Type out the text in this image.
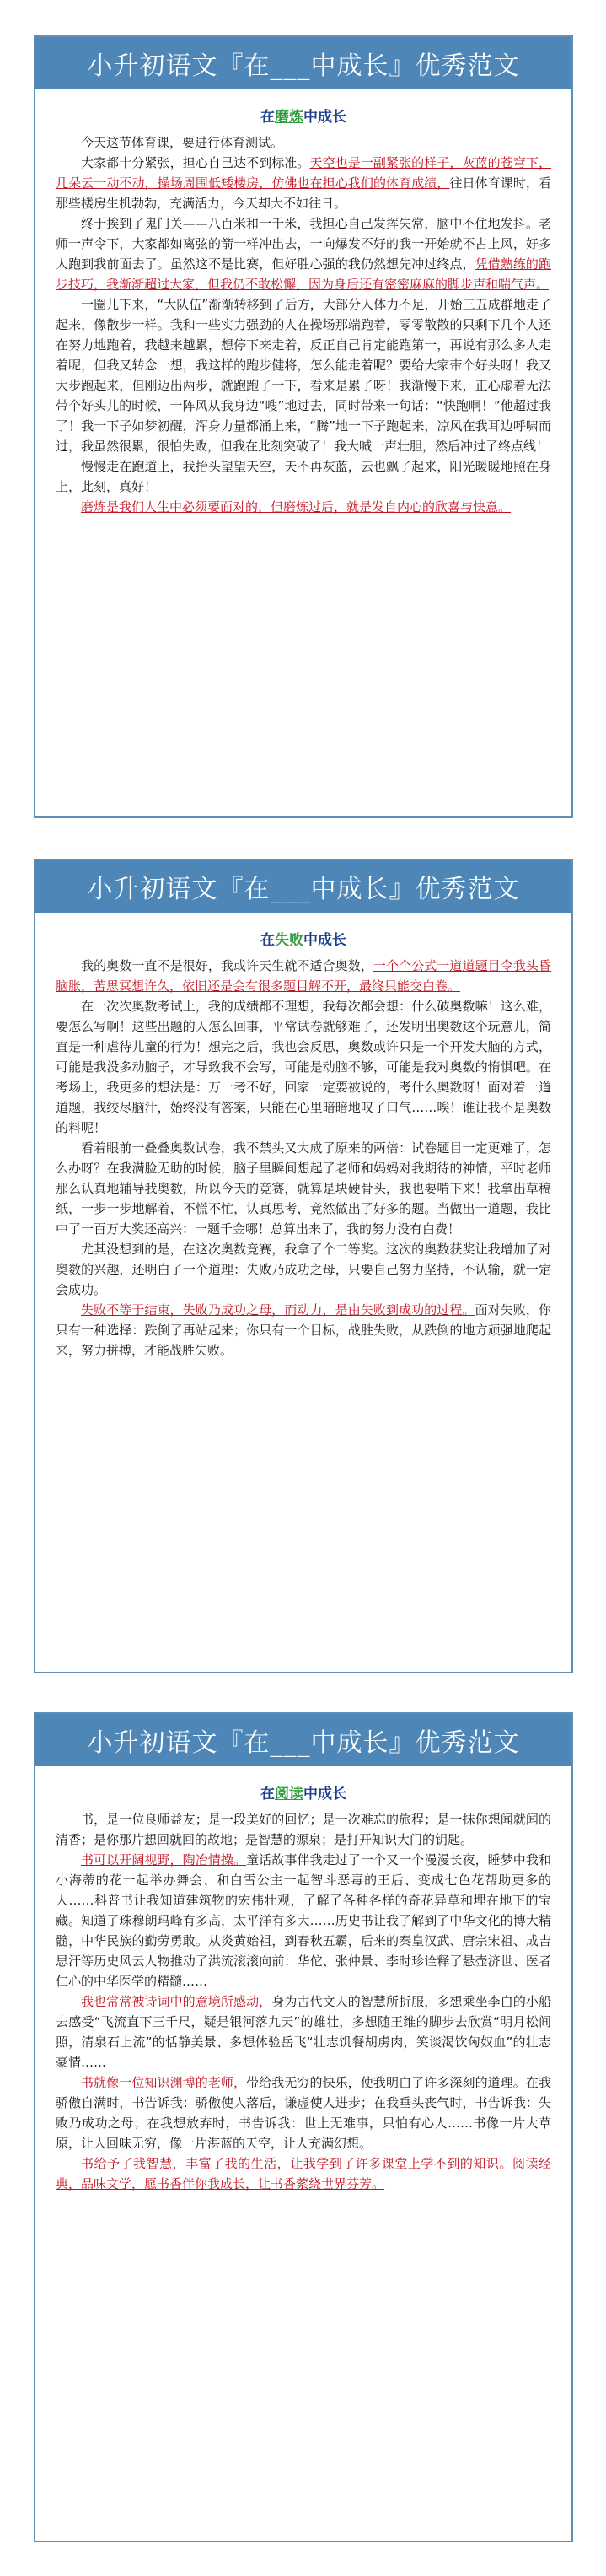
小升初语文『在___中成长』优秀范文
在磨炼中成长

今天这节体育课，要进行体育测试。

大家都十分紧张，担心自己达不到标准。天空也是一副紧张的样子，灰蓝的苍穹下，几朵云一动不动，操场周围低矮楼房，仿佛也在担心我们的体育成绩，往日体育课时，看那些楼房生机勃勃，充满活力，今天却大不如往日。

终于挨到了鬼门关——八百米和一千米，我担心自己发挥失常，脑中不住地发抖。老师一声令下，大家都如离弦的箭一样冲出去，一向爆发不好的我一开始就不占上风，好多人跑到我前面去了。虽然这不是比赛，但好胜心强的我仍然想先冲过终点，凭借熟练的跑步技巧，我渐渐超过大家，但我仍不敢松懈，因为身后还有密密麻麻的脚步声和喘气声。

一圈儿下来，“大队伍”渐渐转移到了后方，大部分人体力不足，开始三五成群地走了起来，像散步一样。我和一些实力强劲的人在操场那端跑着，零零散散的只剩下几个人还在努力地跑着，我越来越累，想停下来走着，反正自己肯定能跑第一，再说有那么多人走着呢，但我又转念一想，我这样的跑步健将，怎么能走着呢？要给大家带个好头呀！我又大步跑起来，但刚迈出两步，就跑跑了一下，看来是累了呀！我渐慢下来，正心虚着无法带个好头儿的时候，一阵风从我身边“嗖”地过去，同时带来一句话：“快跑啊！”他超过我了！我一下子如梦初醒，浑身力量都涌上来，“腾”地一下子跑起来，凉风在我耳边呼啸而过，我虽然很累，很怕失败，但我在此刻突破了！我大喊一声壮胆，然后冲过了终点线！

慢慢走在跑道上，我抬头望望天空，天不再灰蓝，云也飘了起来，阳光暖暖地照在身上，此刻，真好！

磨炼是我们人生中必须要面对的，但磨炼过后，就是发自内心的欣喜与快意。

小升初语文『在___中成长』优秀范文
在失败中成长

我的奥数一直不是很好，我或许天生就不适合奥数，一个个公式一道道题目令我头昏脑胀，苦思冥想许久，依旧还是会有很多题目解不开，最终只能交白卷。

在一次次奥数考试上，我的成绩都不理想，我每次都会想：什么破奥数嘛！这么难，要怎么写啊！这些出题的人怎么回事，平常试卷就够难了，还发明出奥数这个玩意儿，简直是一种虐待儿童的行为！想完之后，我也会反思，奥数或许只是一个开发大脑的方式，可能是我没多动脑子，才导致我不会写，可能是动脑不够，可能是我对奥数的惰惧吧。在考场上，我更多的想法是：万一考不好，回家一定要被说的，考什么奥数呀！面对着一道道题，我绞尽脑汁，始终没有答案，只能在心里暗暗地叹了口气……唉！谁让我不是奥数的料呢！

看着眼前一叠叠奥数试卷，我不禁头又大成了原来的两倍：试卷题目一定更难了，怎么办呀？在我满脸无助的时候，脑子里瞬间想起了老师和妈妈对我期待的神情，平时老师那么认真地辅导我奥数，所以今天的竞赛，就算是块硬骨头，我也要啃下来！我拿出草稿纸，一步一步地解着，不慌不忙，认真思考，竟然做出了好多的题。当做出一道题，我比中了一百万大奖还高兴：一题千金哪！总算出来了，我的努力没有白费！

尤其没想到的是，在这次奥数竞赛，我拿了个二等奖。这次的奥数获奖让我增加了对奥数的兴趣，还明白了一个道理：失败乃成功之母，只要自己努力坚持，不认输，就一定会成功。

失败不等于结束，失败乃成功之母，而动力，是由失败到成功的过程。面对失败，你只有一种选择：跌倒了再站起来；你只有一个目标，战胜失败，从跌倒的地方顽强地爬起来，努力拼搏，才能战胜失败。

小升初语文『在___中成长』优秀范文
在阅读中成长

书，是一位良师益友；是一段美好的回忆；是一次难忘的旅程；是一抹你想闻就闻的清香；是你那片想回就回的故地；是智慧的源泉；是打开知识大门的钥匙。

书可以开阔视野，陶冶情操。童话故事伴我走过了一个又一个漫漫长夜，睡梦中我和小海蒂的花一起举办舞会、和白雪公主一起智斗恶毒的王后、变成七色花帮助更多的人……科普书让我知道建筑物的宏伟壮观，了解了各种各样的奇花异草和埋在地下的宝藏。知道了珠穆朗玛峰有多高，太平洋有多大……历史书让我了解到了中华文化的博大精髓，中华民族的勤劳勇敢。从炎黄始祖，到春秋五霸，后来的秦皇汉武、唐宗宋祖、成吉思汗等历史风云人物推动了洪流滚滚向前：华佗、张仲景、李时珍诠释了悬壶济世、医者仁心的中华医学的精髓……

我也常常被诗词中的意境所感动，身为古代文人的智慧所折服，多想乘坐李白的小船去感受“飞流直下三千尺，疑是银河落九天”的雄壮，多想随王维的脚步去欣赏“明月松间照，清泉石上流”的恬静美景、多想体验岳飞“壮志饥餐胡虏肉，笑谈渴饮匈奴血”的壮志豪情……

书就像一位知识渊博的老师，带给我无穷的快乐，使我明白了许多深刻的道理。在我骄傲自满时，书告诉我：骄傲使人落后，谦虚使人进步；在我垂头丧气时，书告诉我：失败乃成功之母；在我想放弃时，书告诉我：世上无难事，只怕有心人……书像一片大草原，让人回味无穷，像一片湛蓝的天空，让人充满幻想。

书给予了我智慧，丰富了我的生活，让我学到了许多课堂上学不到的知识。阅读经典，品味文学，愿书香伴你我成长，让书香萦绕世界芬芳。
